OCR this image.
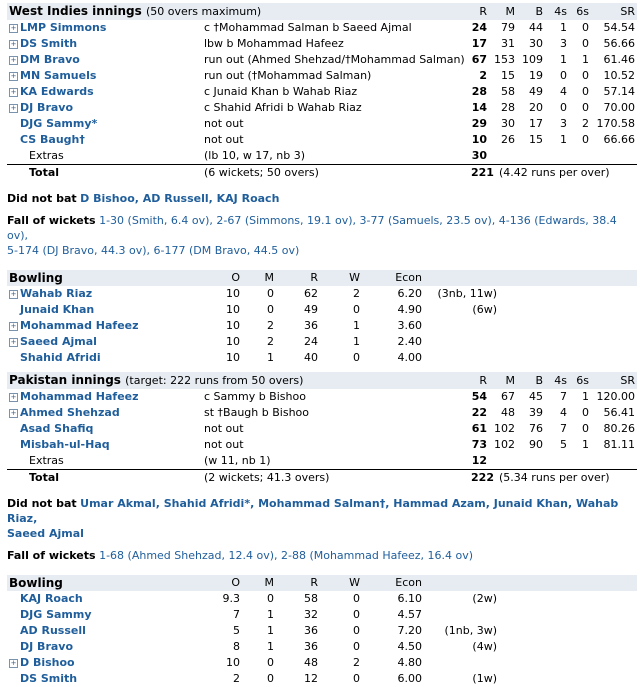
West Indies innings (50 overs maximum)		R	M	B	4s	6s	SR
+ LMP Simmons	c †Mohammad Salman b Saeed Ajmal	24	79	44	1	0	54.54
+ DS Smith	lbw b Mohammad Hafeez	17	31	30	3	0	56.66
+ DM Bravo	run out (Ahmed Shehzad/†Mohammad Salman)	67	153	109	1	1	61.46
+ MN Samuels	run out (†Mohammad Salman)	2	15	19	0	0	10.52
+ KA Edwards	c Junaid Khan b Wahab Riaz	28	58	49	4	0	57.14
+ DJ Bravo	c Shahid Afridi b Wahab Riaz	14	28	20	0	0	70.00
DJG Sammy*	not out	29	30	17	3	2	170.58
CS Baugh†	not out	10	26	15	1	0	66.66
Extras	(lb 10, w 17, nb 3)	30					
Total	(6 wickets; 50 overs)	221	(4.42 runs per over)				

Did not bat D Bishoo, AD Russell, KAJ Roach

Fall of wickets 1-30 (Smith, 6.4 ov), 2-67 (Simmons, 19.1 ov), 3-77 (Samuels, 23.5 ov), 4-136 (Edwards, 38.4 ov),
5-174 (DJ Bravo, 44.3 ov), 6-177 (DM Bravo, 44.5 ov)

Bowling	O	M	R	W	Econ		
+ Wahab Riaz	10	0	62	2	6.20	(3nb, 11w)	
Junaid Khan	10	0	49	0	4.90	(6w)	
+ Mohammad Hafeez	10	2	36	1	3.60		
+ Saeed Ajmal	10	2	24	1	2.40		
Shahid Afridi	10	1	40	0	4.00		
Pakistan innings (target: 222 runs from 50 overs)		R	M	B	4s	6s	SR
+ Mohammad Hafeez	c Sammy b Bishoo	54	67	45	7	1	120.00
+ Ahmed Shehzad	st †Baugh b Bishoo	22	48	39	4	0	56.41
Asad Shafiq	not out	61	102	76	7	0	80.26
Misbah-ul-Haq	not out	73	102	90	5	1	81.11
Extras	(w 11, nb 1)	12					
Total	(2 wickets; 41.3 overs)	222	(5.34 runs per over)				

Did not bat Umar Akmal, Shahid Afridi*, Mohammad Salman†, Hammad Azam, Junaid Khan, Wahab Riaz,
Saeed Ajmal

Fall of wickets 1-68 (Ahmed Shehzad, 12.4 ov), 2-88 (Mohammad Hafeez, 16.4 ov)

Bowling	O	M	R	W	Econ		
KAJ Roach	9.3	0	58	0	6.10	(2w)	
DJG Sammy	7	1	32	0	4.57		
AD Russell	5	1	36	0	7.20	(1nb, 3w)	
DJ Bravo	8	1	36	0	4.50	(4w)	
+ D Bishoo	10	0	48	2	4.80		
DS Smith	2	0	12	0	6.00	(1w)	
